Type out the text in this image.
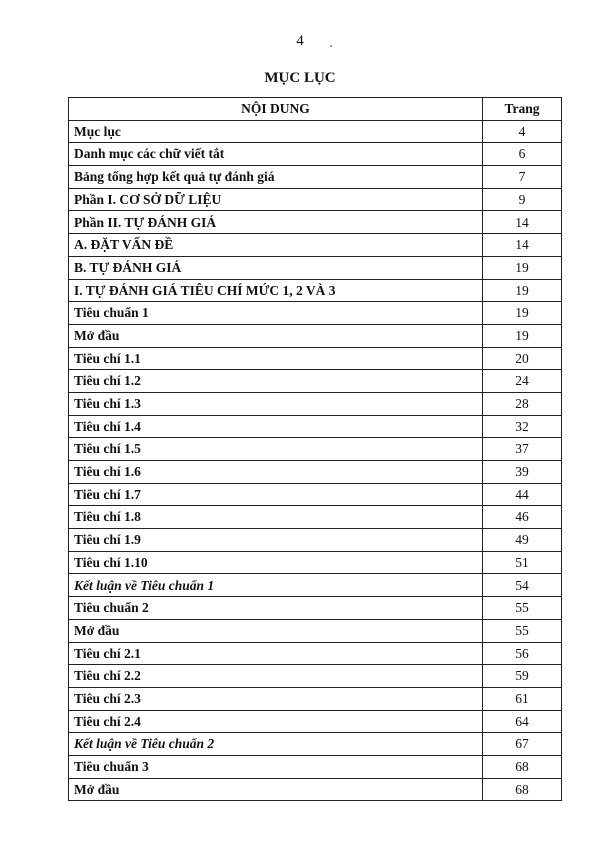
4
MỤC LỤC
NỘI DUNG	Trang
Mục lục	4
Danh mục các chữ viết tắt	6
Bảng tổng hợp kết quả tự đánh giá	7
Phần I. CƠ SỞ DỮ LIỆU	9
Phần II. TỰ ĐÁNH GIÁ	14
A. ĐẶT VẤN ĐỀ	14
B. TỰ ĐÁNH GIÁ	19
I. TỰ ĐÁNH GIÁ TIÊU CHÍ MỨC 1, 2 VÀ 3	19
Tiêu chuẩn 1	19
Mở đầu	19
Tiêu chí 1.1	20
Tiêu chí 1.2	24
Tiêu chí 1.3	28
Tiêu chí 1.4	32
Tiêu chí 1.5	37
Tiêu chí 1.6	39
Tiêu chí 1.7	44
Tiêu chí 1.8	46
Tiêu chí 1.9	49
Tiêu chí 1.10	51
Kết luận về Tiêu chuẩn 1	54
Tiêu chuẩn 2	55
Mở đầu	55
Tiêu chí 2.1	56
Tiêu chí 2.2	59
Tiêu chí 2.3	61
Tiêu chí 2.4	64
Kết luận về Tiêu chuẩn 2	67
Tiêu chuẩn 3	68
Mở đầu	68
